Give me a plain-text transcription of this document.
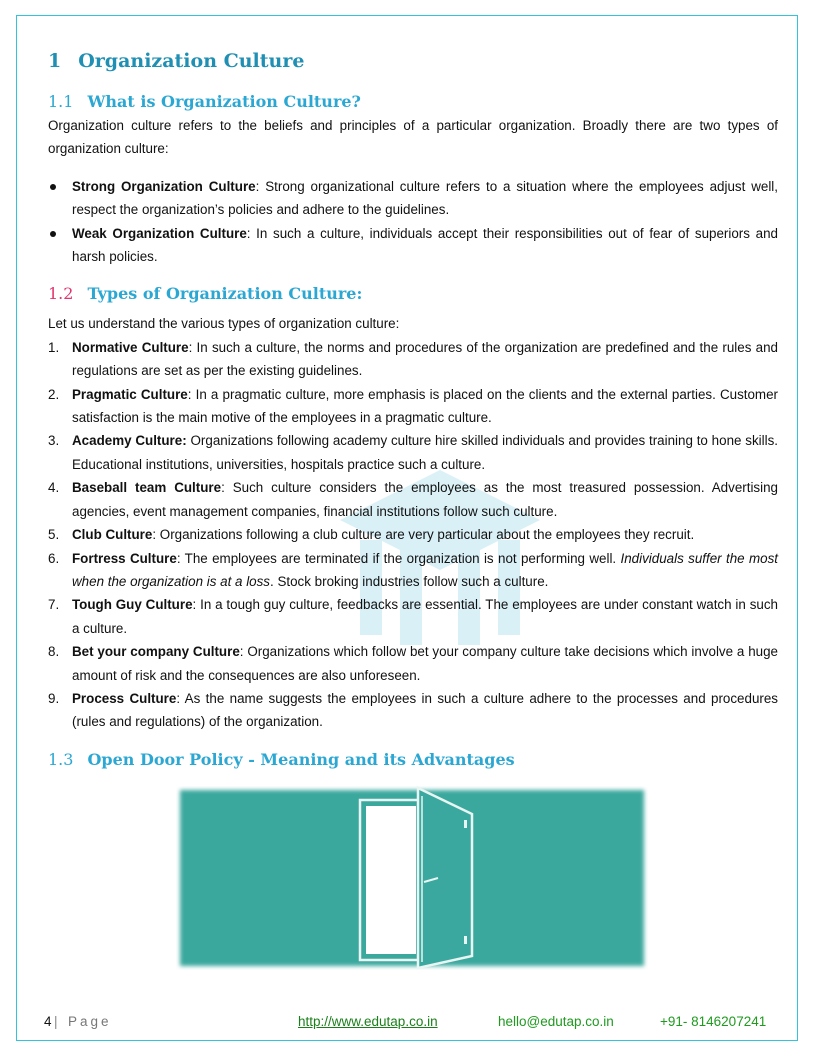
1 Organization Culture
1.1 What is Organization Culture?

Organization culture refers to the beliefs and principles of a particular organization. Broadly there are two types of organization culture:

Strong Organization Culture: Strong organizational culture refers to a situation where the employees adjust well, respect the organization’s policies and adhere to the guidelines.
Weak Organization Culture: In such a culture, individuals accept their responsibilities out of fear of superiors and harsh policies.
1.2 Types of Organization Culture:

Let us understand the various types of organization culture:

1. Normative Culture: In such a culture, the norms and procedures of the organization are predefined and the rules and regulations are set as per the existing guidelines.
2. Pragmatic Culture: In a pragmatic culture, more emphasis is placed on the clients and the external parties. Customer satisfaction is the main motive of the employees in a pragmatic culture.
3. Academy Culture: Organizations following academy culture hire skilled individuals and provides training to hone skills. Educational institutions, universities, hospitals practice such a culture.
4. Baseball team Culture: Such culture considers the employees as the most treasured possession. Advertising agencies, event management companies, financial institutions follow such culture.
5. Club Culture: Organizations following a club culture are very particular about the employees they recruit.
6. Fortress Culture: The employees are terminated if the organization is not performing well. Individuals suffer the most when the organization is at a loss. Stock broking industries follow such a culture.
7. Tough Guy Culture: In a tough guy culture, feedbacks are essential. The employees are under constant watch in such a culture.
8. Bet your company Culture: Organizations which follow bet your company culture take decisions which involve a huge amount of risk and the consequences are also unforeseen.
9. Process Culture: As the name suggests the employees in such a culture adhere to the processes and procedures (rules and regulations) of the organization.
1.3 Open Door Policy - Meaning and its Advantages
4 | Page	http://www.edutap.co.in	hello@edutap.co.in	+91- 8146207241
